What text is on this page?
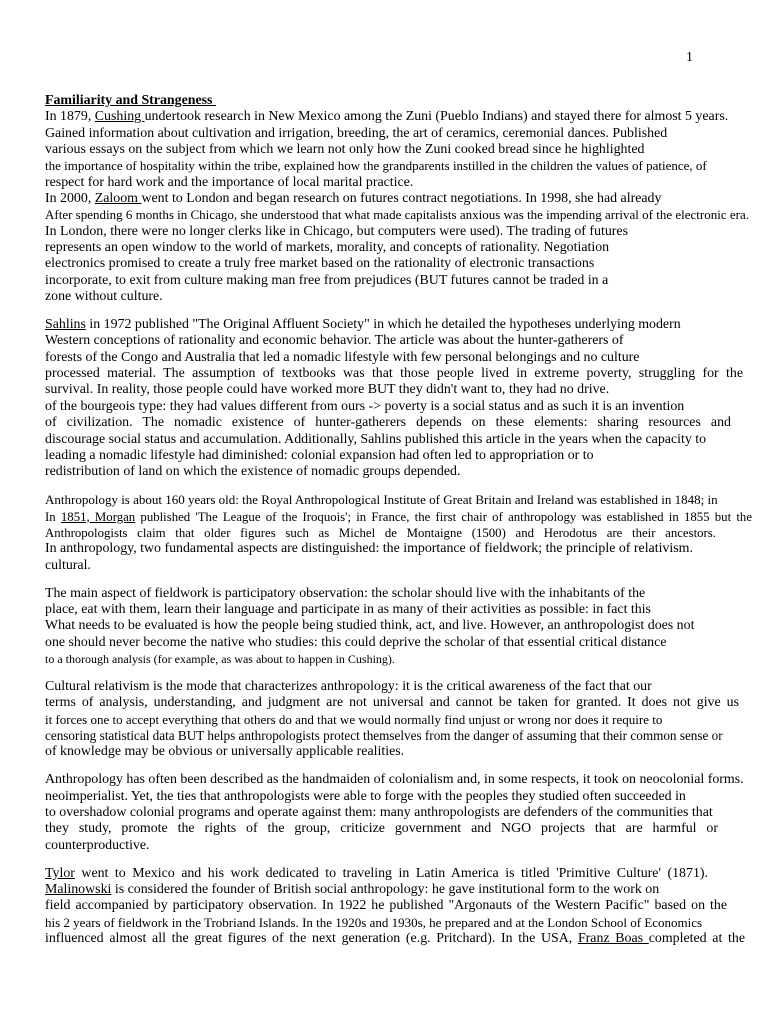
1
Familiarity and Strangeness
In 1879, Cushing undertook research in New Mexico among the Zuni (Pueblo Indians) and stayed there for almost 5 years.
Gained information about cultivation and irrigation, breeding, the art of ceramics, ceremonial dances. Published
various essays on the subject from which we learn not only how the Zuni cooked bread since he highlighted
the importance of hospitality within the tribe, explained how the grandparents instilled in the children the values of patience, of
respect for hard work and the importance of local marital practice.
In 2000, Zaloom went to London and began research on futures contract negotiations. In 1998, she had already
After spending 6 months in Chicago, she understood that what made capitalists anxious was the impending arrival of the electronic era.
In London, there were no longer clerks like in Chicago, but computers were used). The trading of futures
represents an open window to the world of markets, morality, and concepts of rationality. Negotiation
electronics promised to create a truly free market based on the rationality of electronic transactions
incorporate, to exit from culture making man free from prejudices (BUT futures cannot be traded in a
zone without culture.
Sahlins in 1972 published "The Original Affluent Society" in which he detailed the hypotheses underlying modern
Western conceptions of rationality and economic behavior. The article was about the hunter-gatherers of
forests of the Congo and Australia that led a nomadic lifestyle with few personal belongings and no culture
processed material. The assumption of textbooks was that those people lived in extreme poverty, struggling for the
survival. In reality, those people could have worked more BUT they didn't want to, they had no drive.
of the bourgeois type: they had values different from ours -> poverty is a social status and as such it is an invention
of civilization. The nomadic existence of hunter-gatherers depends on these elements: sharing resources and
discourage social status and accumulation. Additionally, Sahlins published this article in the years when the capacity to
leading a nomadic lifestyle had diminished: colonial expansion had often led to appropriation or to
redistribution of land on which the existence of nomadic groups depended.
Anthropology is about 160 years old: the Royal Anthropological Institute of Great Britain and Ireland was established in 1848; in
In 1851, Morgan published 'The League of the Iroquois'; in France, the first chair of anthropology was established in 1855 but the
Anthropologists claim that older figures such as Michel de Montaigne (1500) and Herodotus are their ancestors.
In anthropology, two fundamental aspects are distinguished: the importance of fieldwork; the principle of relativism.
cultural.
The main aspect of fieldwork is participatory observation: the scholar should live with the inhabitants of the
place, eat with them, learn their language and participate in as many of their activities as possible: in fact this
What needs to be evaluated is how the people being studied think, act, and live. However, an anthropologist does not
one should never become the native who studies: this could deprive the scholar of that essential critical distance
to a thorough analysis (for example, as was about to happen in Cushing).
Cultural relativism is the mode that characterizes anthropology: it is the critical awareness of the fact that our
terms of analysis, understanding, and judgment are not universal and cannot be taken for granted. It does not give us
it forces one to accept everything that others do and that we would normally find unjust or wrong nor does it require to
censoring statistical data BUT helps anthropologists protect themselves from the danger of assuming that their common sense or
of knowledge may be obvious or universally applicable realities.
Anthropology has often been described as the handmaiden of colonialism and, in some respects, it took on neocolonial forms.
neoimperialist. Yet, the ties that anthropologists were able to forge with the peoples they studied often succeeded in
to overshadow colonial programs and operate against them: many anthropologists are defenders of the communities that
they study, promote the rights of the group, criticize government and NGO projects that are harmful or
counterproductive.
Tylor went to Mexico and his work dedicated to traveling in Latin America is titled 'Primitive Culture' (1871).
Malinowski is considered the founder of British social anthropology: he gave institutional form to the work on
field accompanied by participatory observation. In 1922 he published "Argonauts of the Western Pacific" based on the
his 2 years of fieldwork in the Trobriand Islands. In the 1920s and 1930s, he prepared and at the London School of Economics
influenced almost all the great figures of the next generation (e.g. Pritchard). In the USA, Franz Boas completed at the
